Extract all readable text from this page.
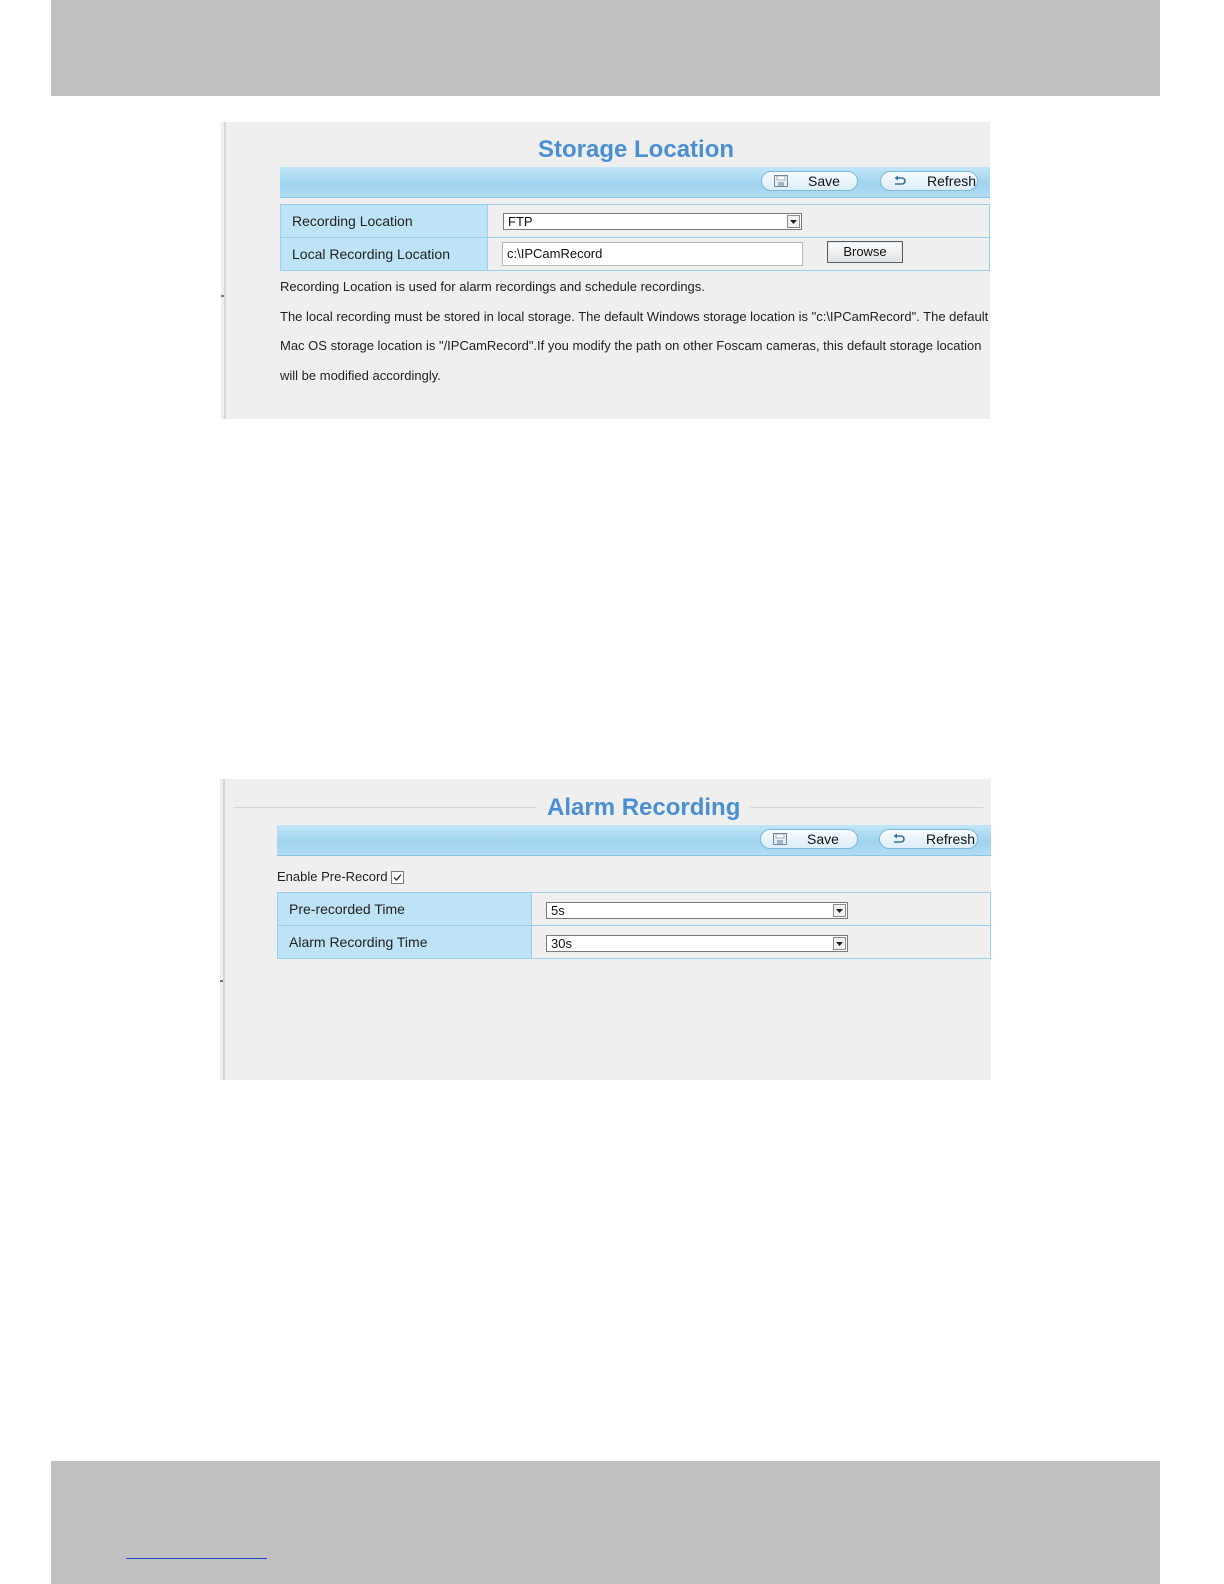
Storage Location
Save	Refresh
Recording Location	FTP

Local Recording Location	c:\IPCamRecord Browse
Recording Location is used for alarm recordings and schedule recordings.
The local recording must be stored in local storage. The default Windows storage location is "c:\IPCamRecord". The default
Mac OS storage location is "/IPCamRecord".If you modify the path on other Foscam cameras, this default storage location
will be modified accordingly.
Alarm Recording
Save	Refresh
Enable Pre-Record
Pre-recorded Time	5s

Alarm Recording Time	30s
